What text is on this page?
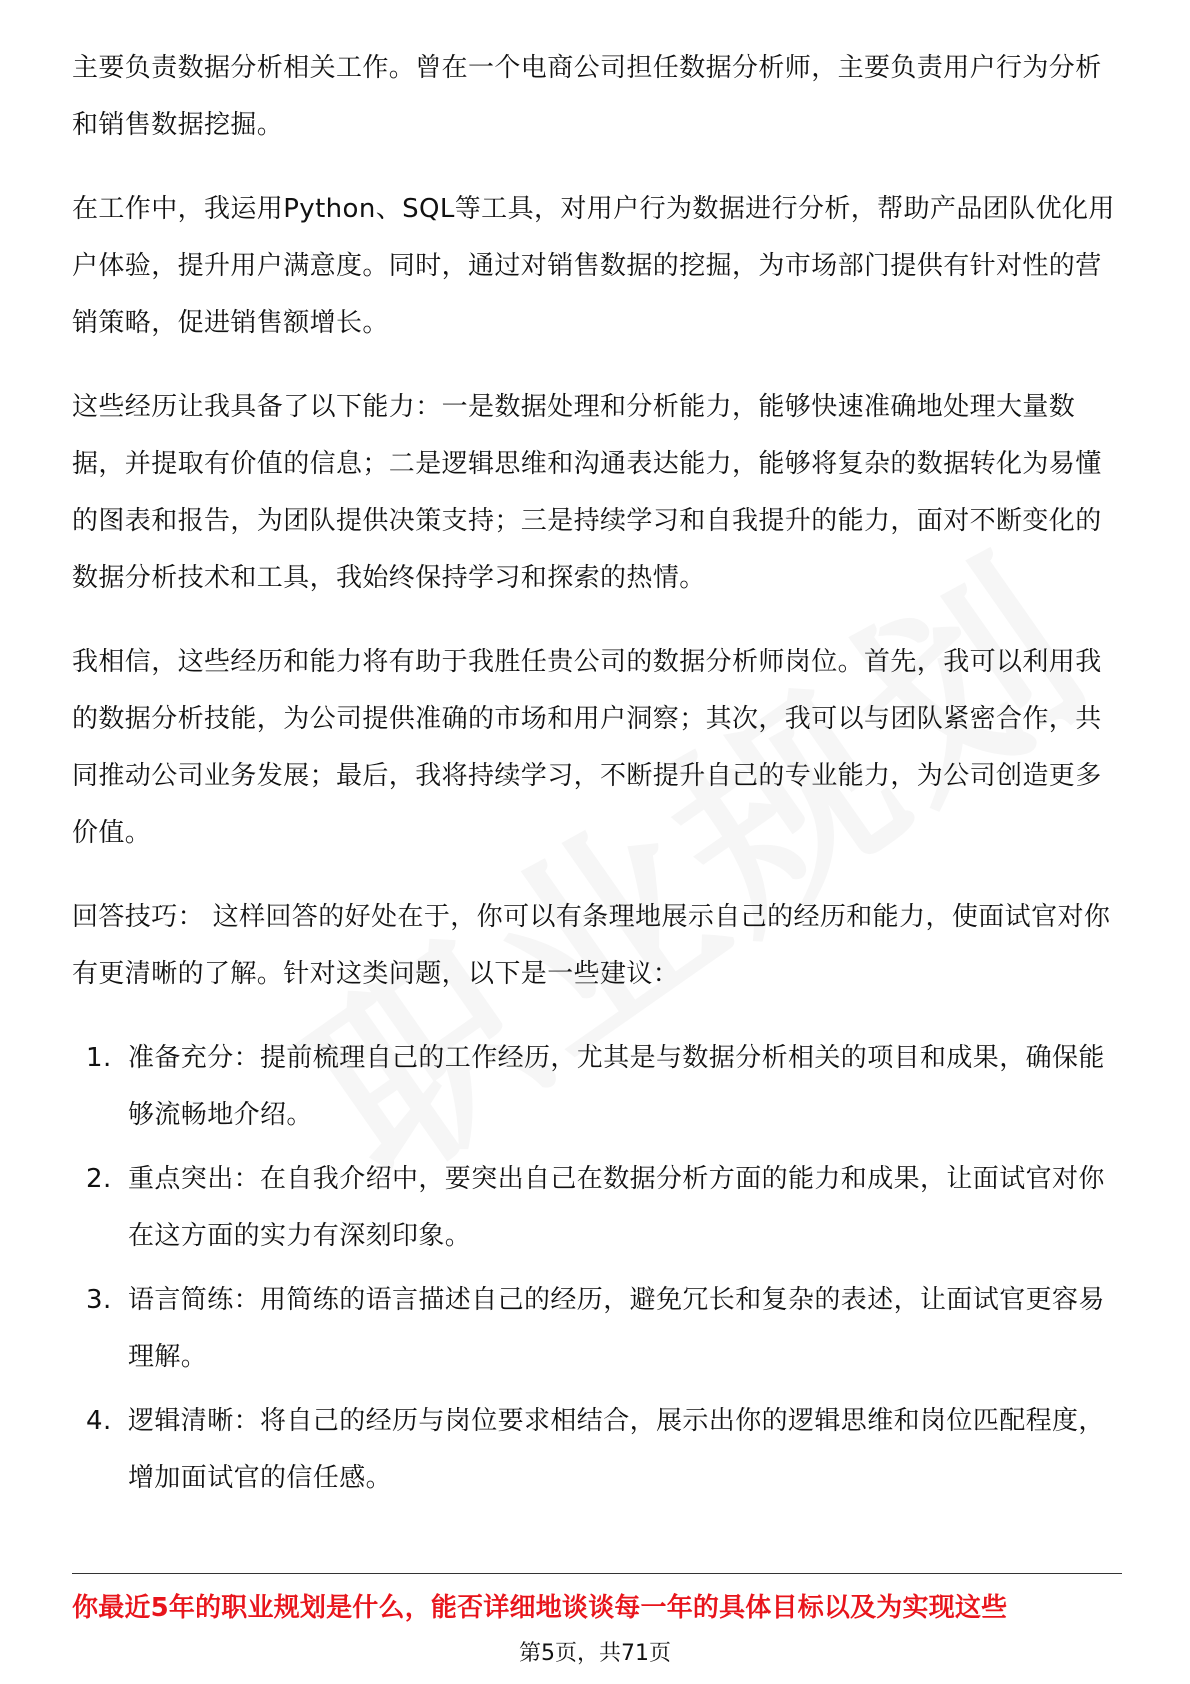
主要负责数据分析相关工作。曾在一个电商公司担任数据分析师，主要负责用户行为分析和销售数据挖掘。

在工作中，我运用Python、SQL等工具，对用户行为数据进行分析，帮助产品团队优化用户体验，提升用户满意度。同时，通过对销售数据的挖掘，为市场部门提供有针对性的营销策略，促进销售额增长。

这些经历让我具备了以下能力：一是数据处理和分析能力，能够快速准确地处理大量数据，并提取有价值的信息；二是逻辑思维和沟通表达能力，能够将复杂的数据转化为易懂的图表和报告，为团队提供决策支持；三是持续学习和自我提升的能力，面对不断变化的数据分析技术和工具，我始终保持学习和探索的热情。

我相信，这些经历和能力将有助于我胜任贵公司的数据分析师岗位。首先，我可以利用我的数据分析技能，为公司提供准确的市场和用户洞察；其次，我可以与团队紧密合作，共同推动公司业务发展；最后，我将持续学习，不断提升自己的专业能力，为公司创造更多价值。

回答技巧： 这样回答的好处在于，你可以有条理地展示自己的经历和能力，使面试官对你有更清晰的了解。针对这类问题，以下是一些建议：

1. 准备充分：提前梳理自己的工作经历，尤其是与数据分析相关的项目和成果，确保能够流畅地介绍。
2. 重点突出：在自我介绍中，要突出自己在数据分析方面的能力和成果，让面试官对你在这方面的实力有深刻印象。
3. 语言简练：用简练的语言描述自己的经历，避免冗长和复杂的表述，让面试官更容易理解。
4. 逻辑清晰：将自己的经历与岗位要求相结合，展示出你的逻辑思维和岗位匹配程度，增加面试官的信任感。
你最近5年的职业规划是什么，能否详细地谈谈每一年的具体目标以及为实现这些
第5页，共71页
